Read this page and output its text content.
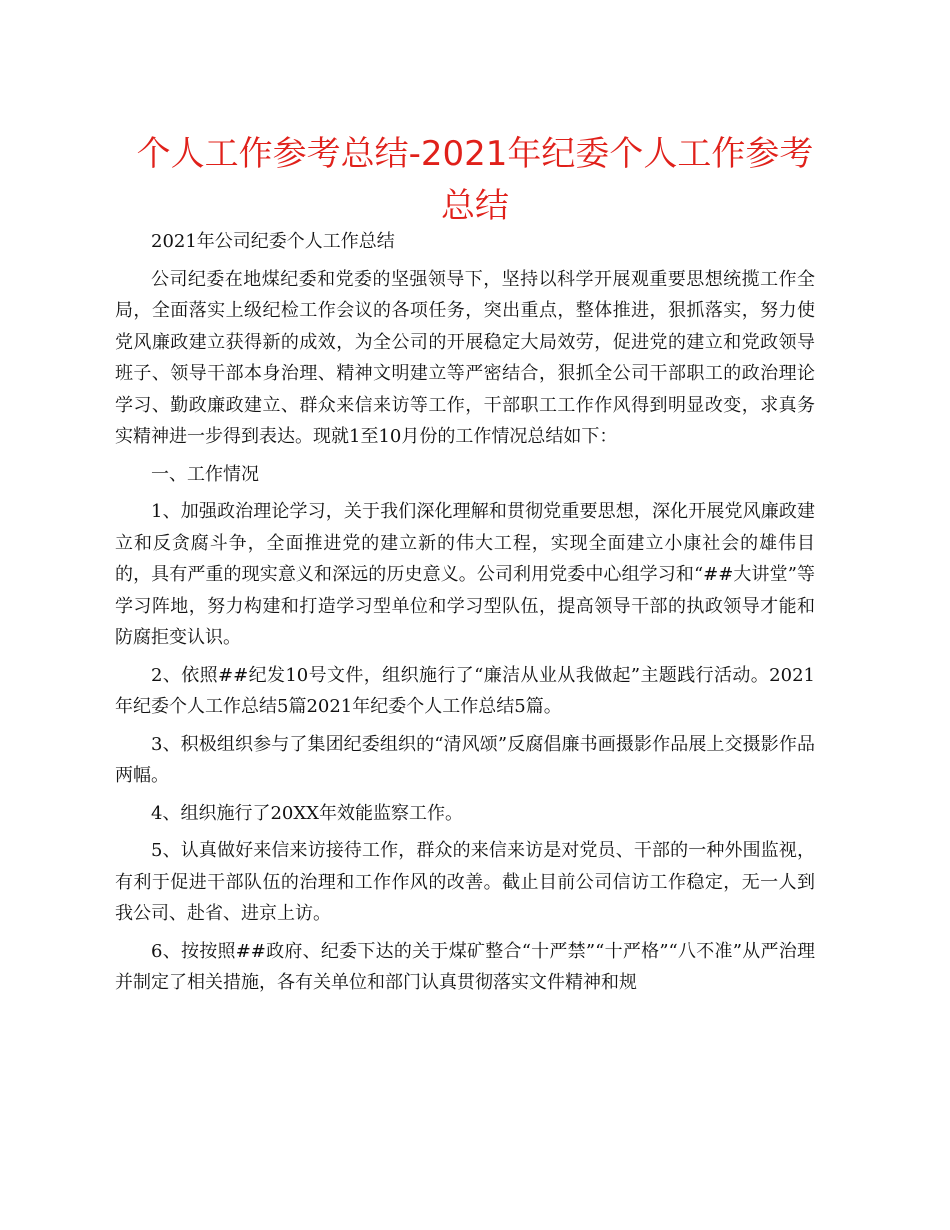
个人工作参考总结-2021年纪委个人工作参考总结

2021年公司纪委个人工作总结

公司纪委在地煤纪委和党委的坚强领导下，坚持以科学开展观重要思想统揽工作全局，全面落实上级纪检工作会议的各项任务，突出重点，整体推进，狠抓落实，努力使党风廉政建立获得新的成效，为全公司的开展稳定大局效劳，促进党的建立和党政领导班子、领导干部本身治理、精神文明建立等严密结合，狠抓全公司干部职工的政治理论学习、勤政廉政建立、群众来信来访等工作，干部职工工作作风得到明显改变，求真务实精神进一步得到表达。现就1至10月份的工作情况总结如下：

一、工作情况

1、加强政治理论学习，关于我们深化理解和贯彻党重要思想，深化开展党风廉政建立和反贪腐斗争，全面推进党的建立新的伟大工程，实现全面建立小康社会的雄伟目的，具有严重的现实意义和深远的历史意义。公司利用党委中心组学习和“##大讲堂”等学习阵地，努力构建和打造学习型单位和学习型队伍，提高领导干部的执政领导才能和防腐拒变认识。

2、依照##纪发10号文件，组织施行了“廉洁从业从我做起”主题践行活动。2021年纪委个人工作总结5篇2021年纪委个人工作总结5篇。

3、积极组织参与了集团纪委组织的“清风颂”反腐倡廉书画摄影作品展上交摄影作品两幅。

4、组织施行了20XX年效能监察工作。

5、认真做好来信来访接待工作，群众的来信来访是对党员、干部的一种外围监视，有利于促进干部队伍的治理和工作作风的改善。截止目前公司信访工作稳定，无一人到我公司、赴省、进京上访。

6、按按照##政府、纪委下达的关于煤矿整合“十严禁”“十严格”“八不准”从严治理并制定了相关措施，各有关单位和部门认真贯彻落实文件精神和规
